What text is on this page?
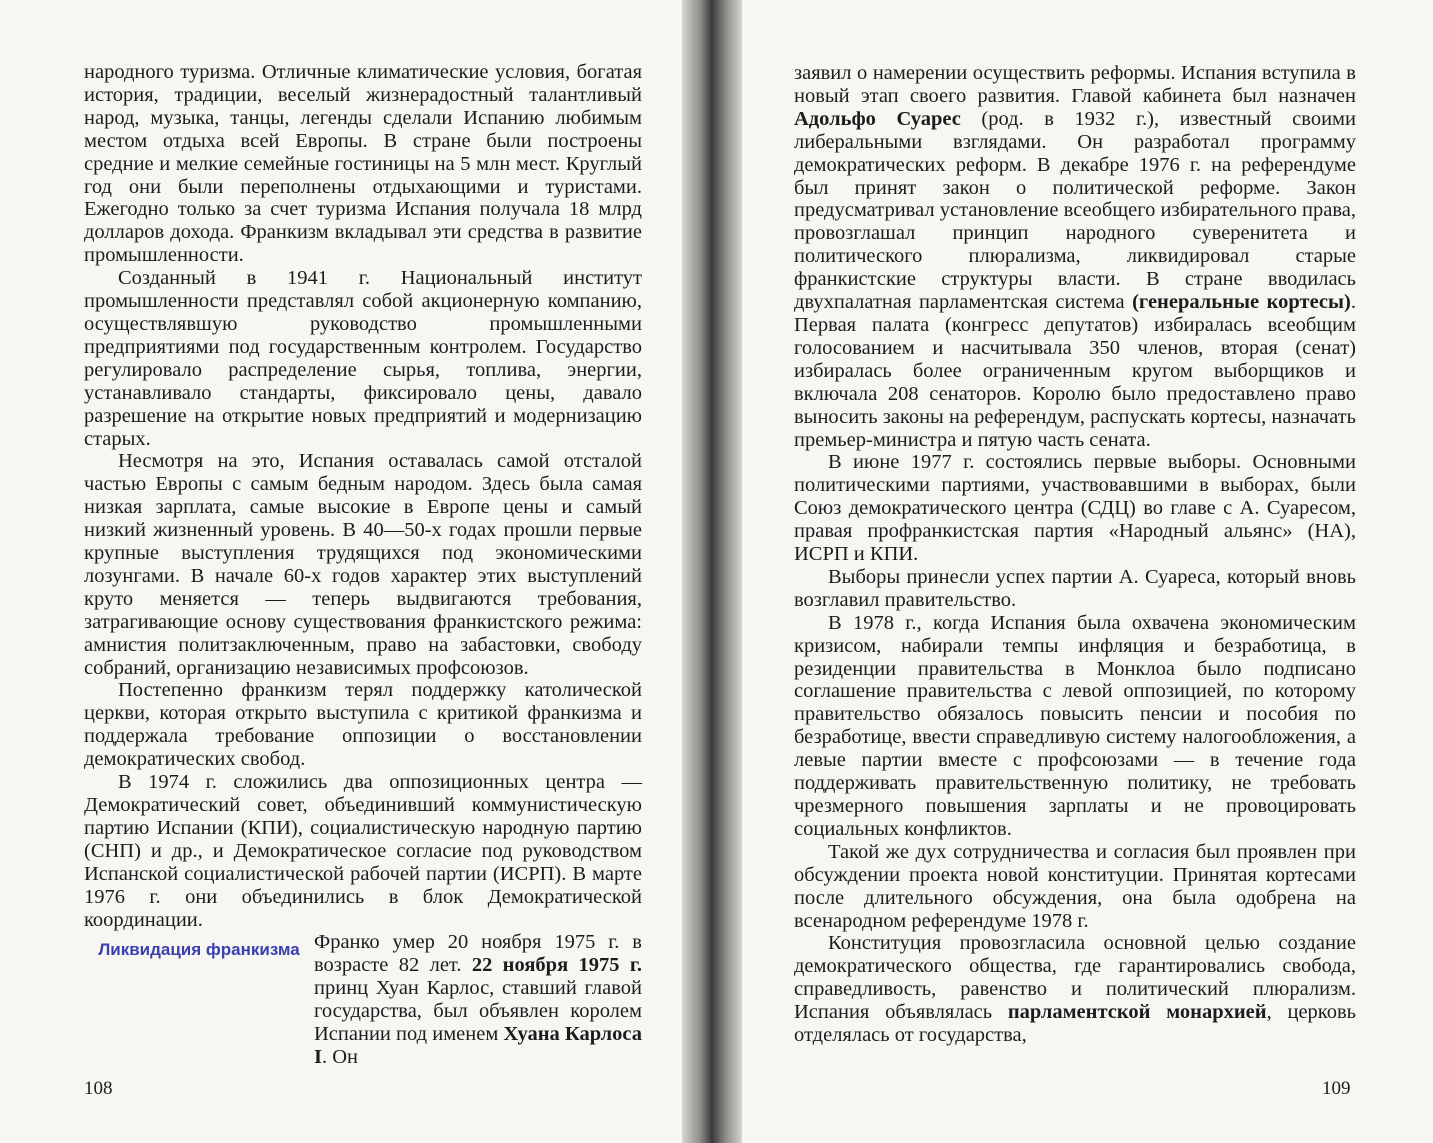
народного туризма. Отличные климатические условия, богатая история, традиции, веселый жизнерадостный талантливый народ, музыка, танцы, легенды сделали Испанию любимым местом отдыха всей Европы. В стране были построены средние и мелкие семейные гостиницы на 5 млн мест. Круглый год они были переполнены отдыхающими и туристами. Ежегодно только за счет туризма Испания получала 18 млрд долларов дохода. Франкизм вкладывал эти средства в развитие промышленности.

Созданный в 1941 г. Национальный институт промышленности представлял собой акционерную компанию, осуществлявшую руководство промышленными предприятиями под государственным контролем. Государство регулировало распределение сырья, топлива, энергии, устанавливало стандарты, фиксировало цены, давало разрешение на открытие новых предприятий и модернизацию старых.

Несмотря на это, Испания оставалась самой отсталой частью Европы с самым бедным народом. Здесь была самая низкая зарплата, самые высокие в Европе цены и самый низкий жизненный уровень. В 40—50-х годах прошли первые крупные выступления трудящихся под экономическими лозунгами. В начале 60-х годов характер этих выступлений круто меняется — теперь выдвигаются требования, затрагивающие основу существования франкистского режима: амнистия политзаключенным, право на забастовки, свободу собраний, организацию независимых профсоюзов.

Постепенно франкизм терял поддержку католической церкви, которая открыто выступила с критикой франкизма и поддержала требование оппозиции о восстановлении демократических свобод.

В 1974 г. сложились два оппозиционных центра — Демократический совет, объединивший коммунистическую партию Испании (КПИ), социалистическую народную партию (СНП) и др., и Демократическое согласие под руководством Испанской социалистической рабочей партии (ИСРП). В марте 1976 г. они объединились в блок Демократической координации.

Ликвидация франкизма Франко умер 20 ноября 1975 г. в возрасте 82 лет. 22 ноября 1975 г. принц Хуан Карлос, ставший главой государства, был объявлен королем Испании под именем Хуана Карлоса I. Он
108

заявил о намерении осуществить реформы. Испания вступила в новый этап своего развития. Главой кабинета был назначен Адольфо Суарес (род. в 1932 г.), известный своими либеральными взглядами. Он разработал программу демократических реформ. В декабре 1976 г. на референдуме был принят закон о политической реформе. Закон предусматривал установление всеобщего избирательного права, провозглашал принцип народного суверенитета и политического плюрализма, ликвидировал старые франкистские структуры власти. В стране вводилась двухпалатная парламентская система (генеральные кортесы). Первая палата (конгресс депутатов) избиралась всеобщим голосованием и насчитывала 350 членов, вторая (сенат) избиралась более ограниченным кругом выборщиков и включала 208 сенаторов. Королю было предоставлено право выносить законы на референдум, распускать кортесы, назначать премьер-министра и пятую часть сената.

В июне 1977 г. состоялись первые выборы. Основными политическими партиями, участвовавшими в выборах, были Союз демократического центра (СДЦ) во главе с А. Суаресом, правая профранкистская партия «Народный альянс» (НА), ИСРП и КПИ.

Выборы принесли успех партии А. Суареса, который вновь возглавил правительство.

В 1978 г., когда Испания была охвачена экономическим кризисом, набирали темпы инфляция и безработица, в резиденции правительства в Монклоа было подписано соглашение правительства с левой оппозицией, по которому правительство обязалось повысить пенсии и пособия по безработице, ввести справедливую систему налогообложения, а левые партии вместе с профсоюзами — в течение года поддерживать правительственную политику, не требовать чрезмерного повышения зарплаты и не провоцировать социальных конфликтов.

Такой же дух сотрудничества и согласия был проявлен при обсуждении проекта новой конституции. Принятая кортесами после длительного обсуждения, она была одобрена на всенародном референдуме 1978 г.

Конституция провозгласила основной целью создание демократического общества, где гарантировались свобода, справедливость, равенство и политический плюрализм. Испания объявлялась парламентской монархией, церковь отделялась от государства,

109
